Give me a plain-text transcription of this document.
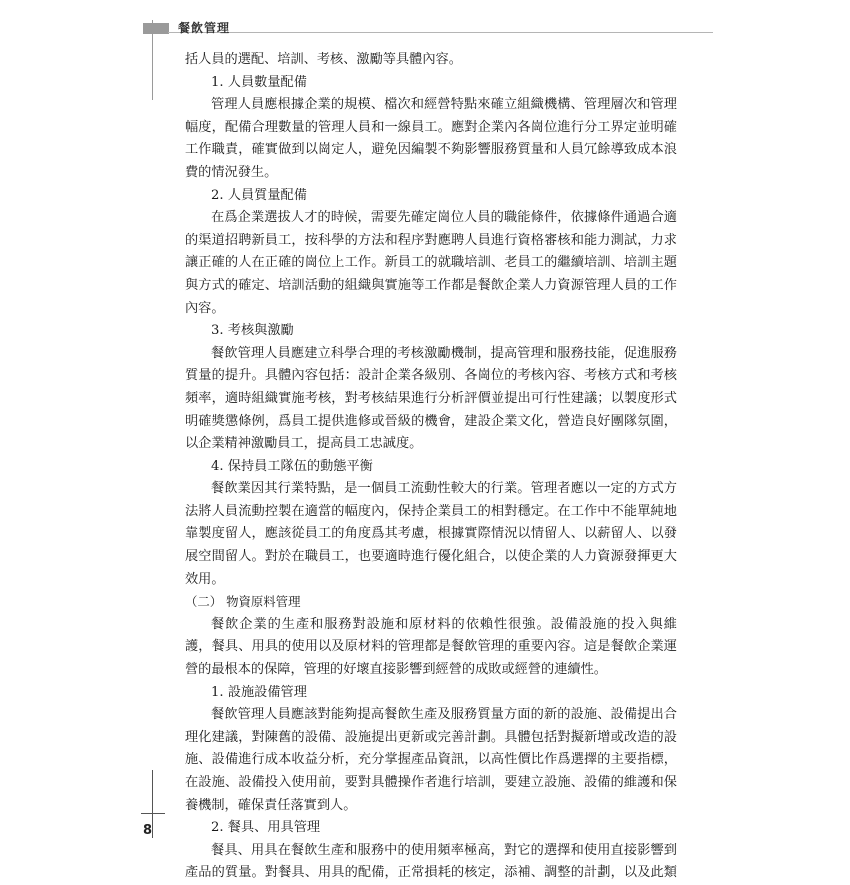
餐飲管理
括人員的選配、培訓、考核、激勵等具體內容。
1. 人員數量配備
管理人員應根據企業的規模、檔次和經營特點來確立組織機構、管理層次和管理
幅度，配備合理數量的管理人員和一線員工。應對企業內各崗位進行分工界定並明確
工作職責，確實做到以崗定人，避免因編製不夠影響服務質量和人員冗餘導致成本浪
費的情況發生。
2. 人員質量配備
在爲企業選拔人才的時候，需要先確定崗位人員的職能條件，依據條件通過合適
的渠道招聘新員工，按科學的方法和程序對應聘人員進行資格審核和能力測試，力求
讓正確的人在正確的崗位上工作。新員工的就職培訓、老員工的繼續培訓、培訓主題
與方式的確定、培訓活動的組織與實施等工作都是餐飲企業人力資源管理人員的工作
內容。
3. 考核與激勵
餐飲管理人員應建立科學合理的考核激勵機制，提高管理和服務技能，促進服務
質量的提升。具體內容包括：設計企業各級別、各崗位的考核內容、考核方式和考核
頻率，適時組織實施考核，對考核結果進行分析評價並提出可行性建議；以製度形式
明確獎懲條例，爲員工提供進修或晉級的機會，建設企業文化，營造良好團隊氛圍，
以企業精神激勵員工，提高員工忠誠度。
4. 保持員工隊伍的動態平衡
餐飲業因其行業特點，是一個員工流動性較大的行業。管理者應以一定的方式方
法將人員流動控製在適當的幅度內，保持企業員工的相對穩定。在工作中不能單純地
靠製度留人，應該從員工的角度爲其考慮，根據實際情況以情留人、以薪留人、以發
展空間留人。對於在職員工，也要適時進行優化組合，以使企業的人力資源發揮更大
效用。
（二） 物資原料管理
餐飲企業的生產和服務對設施和原材料的依賴性很強。設備設施的投入與維
護，餐具、用具的使用以及原材料的管理都是餐飲管理的重要內容。這是餐飲企業運
營的最根本的保障，管理的好壞直接影響到經營的成敗或經營的連續性。
1. 設施設備管理
餐飲管理人員應該對能夠提高餐飲生產及服務質量方面的新的設施、設備提出合
理化建議，對陳舊的設備、設施提出更新或完善計劃。具體包括對擬新增或改造的設
施、設備進行成本收益分析，充分掌握產品資訊，以高性價比作爲選擇的主要指標，
在設施、設備投入使用前，要對具體操作者進行培訓，要建立設施、設備的維護和保
養機制，確保責任落實到人。
2. 餐具、用具管理
餐具、用具在餐飲生產和服務中的使用頻率極高，對它的選擇和使用直接影響到
產品的質量。對餐具、用具的配備，正常損耗的核定，添補、調整的計劃，以及此類
8
